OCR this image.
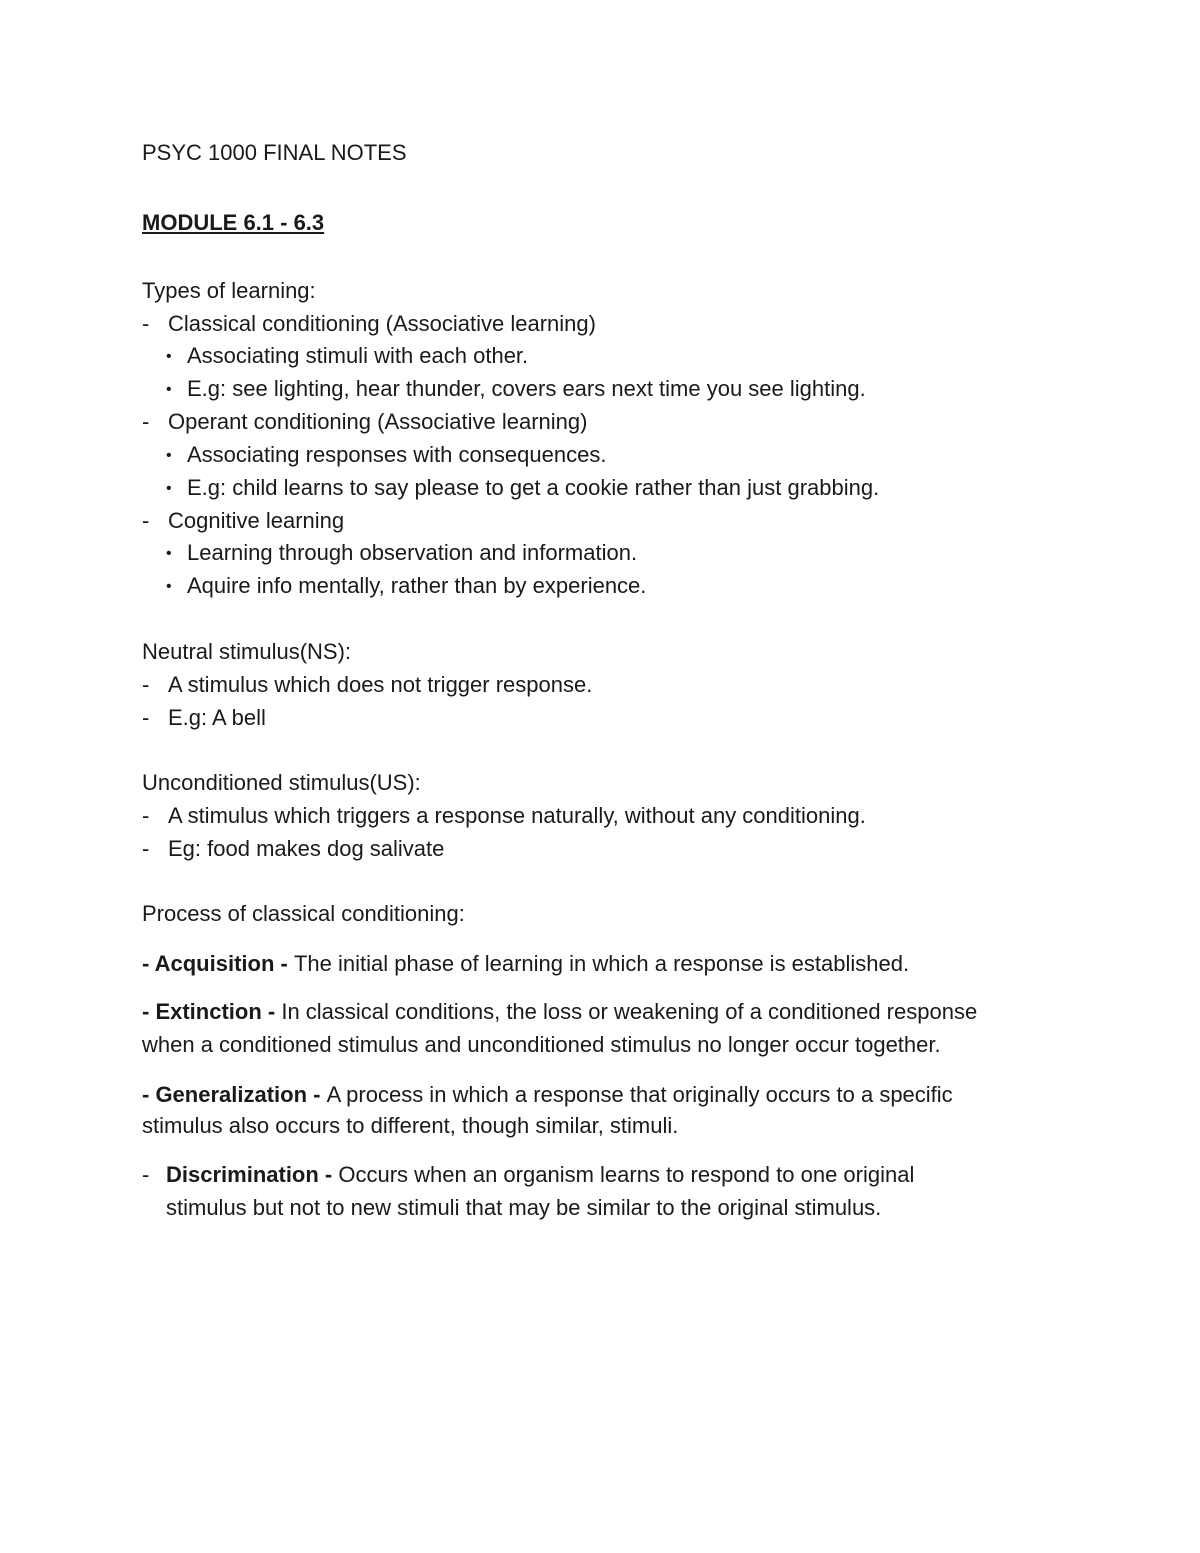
PSYC 1000 FINAL NOTES
MODULE 6.1 - 6.3
Types of learning:
- Classical conditioning (Associative learning)
• Associating stimuli with each other.
• E.g: see lighting, hear thunder, covers ears next time you see lighting.
- Operant conditioning (Associative learning)
• Associating responses with consequences.
• E.g: child learns to say please to get a cookie rather than just grabbing.
- Cognitive learning
• Learning through observation and information.
• Aquire info mentally, rather than by experience.
Neutral stimulus(NS):
- A stimulus which does not trigger response.
- E.g: A bell
Unconditioned stimulus(US):
- A stimulus which triggers a response naturally, without any conditioning.
- Eg: food makes dog salivate
Process of classical conditioning:
- Acquisition - The initial phase of learning in which a response is established.
- Extinction - In classical conditions, the loss or weakening of a conditioned response
when a conditioned stimulus and unconditioned stimulus no longer occur together.
- Generalization - A process in which a response that originally occurs to a specific
stimulus also occurs to different, though similar, stimuli.
- Discrimination - Occurs when an organism learns to respond to one original
stimulus but not to new stimuli that may be similar to the original stimulus.
